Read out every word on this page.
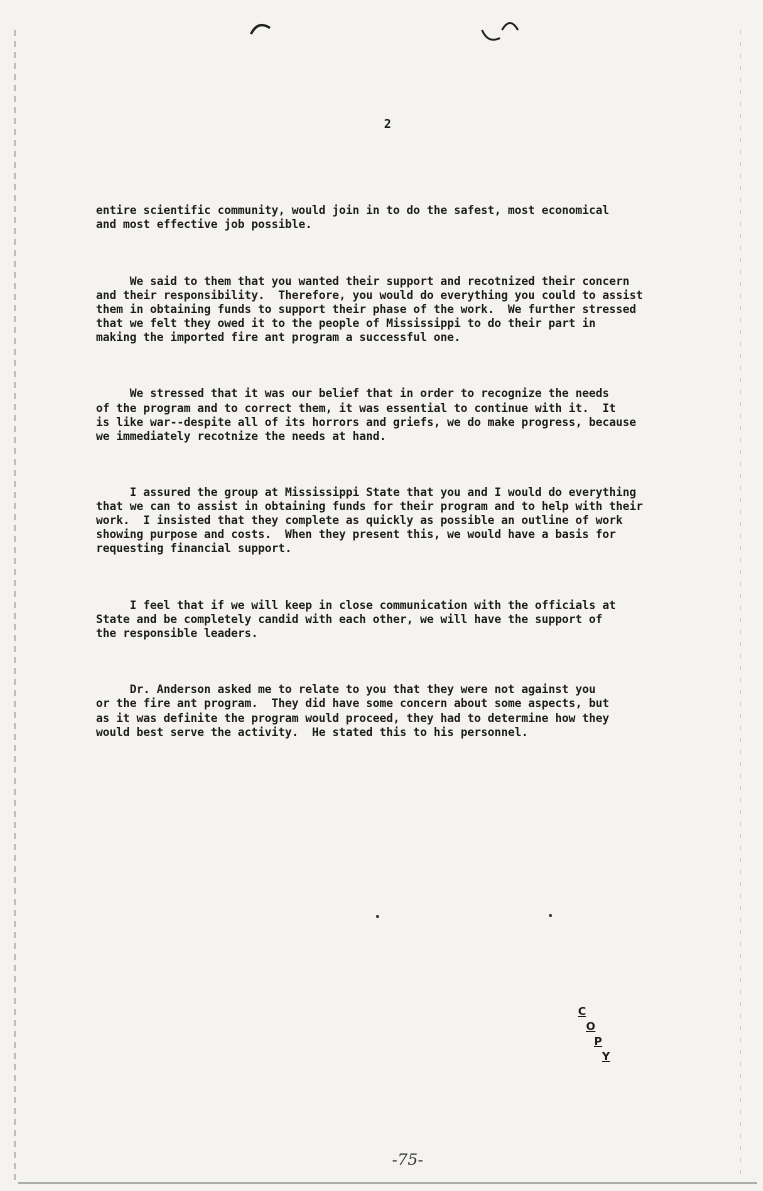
2

entire scientific community, would join in to do the safest, most economical
and most effective job possible.

We said to them that you wanted their support and recotnized their concern
and their responsibility.  Therefore, you would do everything you could to assist
them in obtaining funds to support their phase of the work.  We further stressed
that we felt they owed it to the people of Mississippi to do their part in
making the imported fire ant program a successful one.

We stressed that it was our belief that in order to recognize the needs
of the program and to correct them, it was essential to continue with it.  It
is like war--despite all of its horrors and griefs, we do make progress, because
we immediately recotnize the needs at hand.

I assured the group at Mississippi State that you and I would do everything
that we can to assist in obtaining funds for their program and to help with their
work.  I insisted that they complete as quickly as possible an outline of work
showing purpose and costs.  When they present this, we would have a basis for
requesting financial support.

I feel that if we will keep in close communication with the officials at
State and be completely candid with each other, we will have the support of
the responsible leaders.

Dr. Anderson asked me to relate to you that they were not against you
or the fire ant program.  They did have some concern about some aspects, but
as it was definite the program would proceed, they had to determine how they
would best serve the activity.  He stated this to his personnel.

C
O
P
Y
-75-
